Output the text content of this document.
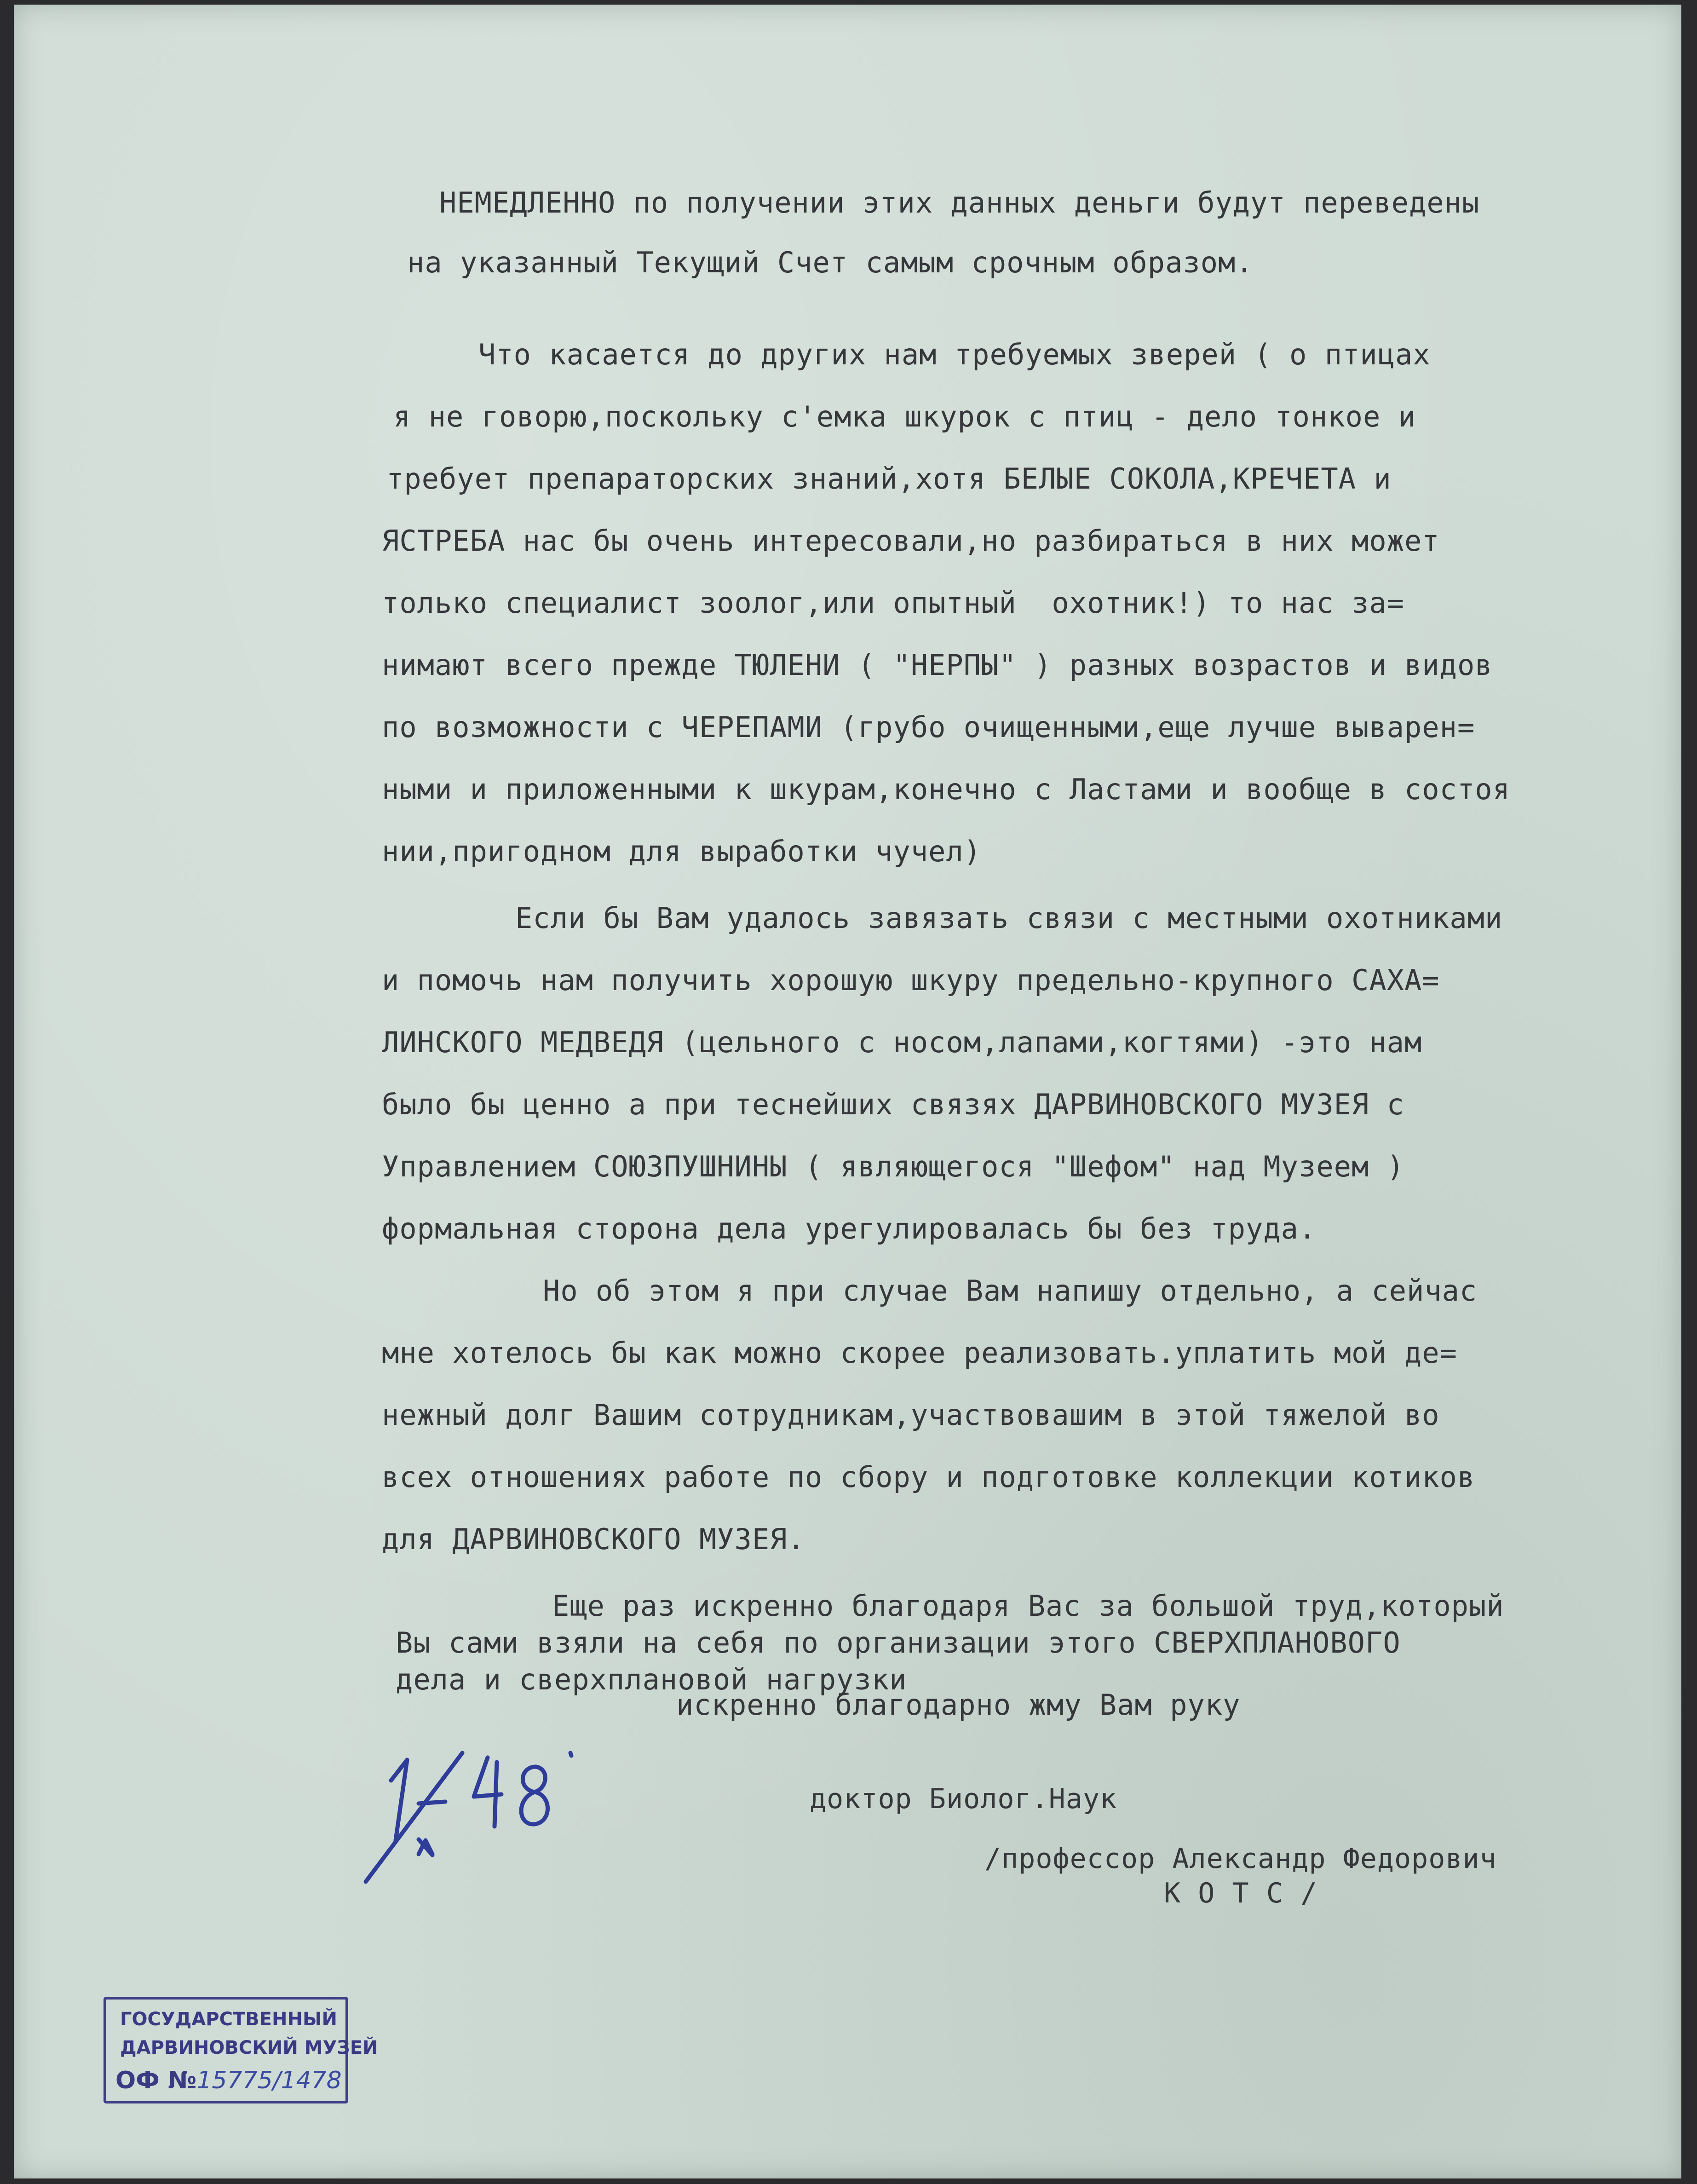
НЕМЕДЛЕННО по получении этих данных деньги будут переведены

на указанный Текущий Счет самым срочным образом.

Что касается до других нам требуемых зверей ( о птицах

я не говорю,поскольку с'емка шкурок с птиц - дело тонкое и

требует препараторских знаний,хотя БЕЛЫЕ СОКОЛА,КРЕЧЕТА и

ЯСТРЕБА нас бы очень интересовали,но разбираться в них может

только специалист зоолог,или опытный  охотник!) то нас за=

нимают всего прежде ТЮЛЕНИ ( "НЕРПЫ" ) разных возрастов и видов

по возможности с ЧЕРЕПАМИ (грубо очищенными,еще лучше выварен=

ными и приложенными к шкурам,конечно с Ластами и вообще в состоя

нии,пригодном для выработки чучел)

Если бы Вам удалось завязать связи с местными охотниками

и помочь нам получить хорошую шкуру предельно-крупного САХА=

ЛИНСКОГО МЕДВЕДЯ (цельного с носом,лапами,когтями) -это нам

было бы ценно а при теснейших связях ДАРВИНОВСКОГО МУЗЕЯ с

Управлением СОЮЗПУШНИНЫ ( являющегося "Шефом" над Музеем )

формальная сторона дела урегулировалась бы без труда.

Но об этом я при случае Вам напишу отдельно, а сейчас

мне хотелось бы как можно скорее реализовать.уплатить мой де=

нежный долг Вашим сотрудникам,участвовашим в этой тяжелой во

всех отношениях работе по сбору и подготовке коллекции котиков

для ДАРВИНОВСКОГО МУЗЕЯ.

Еще раз искренно благодаря Вас за большой труд,который

Вы сами взяли на себя по организации этого СВЕРХПЛАНОВОГО

дела и сверхплановой нагрузки

искренно благодарно жму Вам руку

доктор Биолог.Наук

/профессор Александр Федорович

К О Т С /

ГОСУДАРСТВЕННЫЙ
ДАРВИНОВСКИЙ МУЗЕЙ
ОФ №15775/1478
